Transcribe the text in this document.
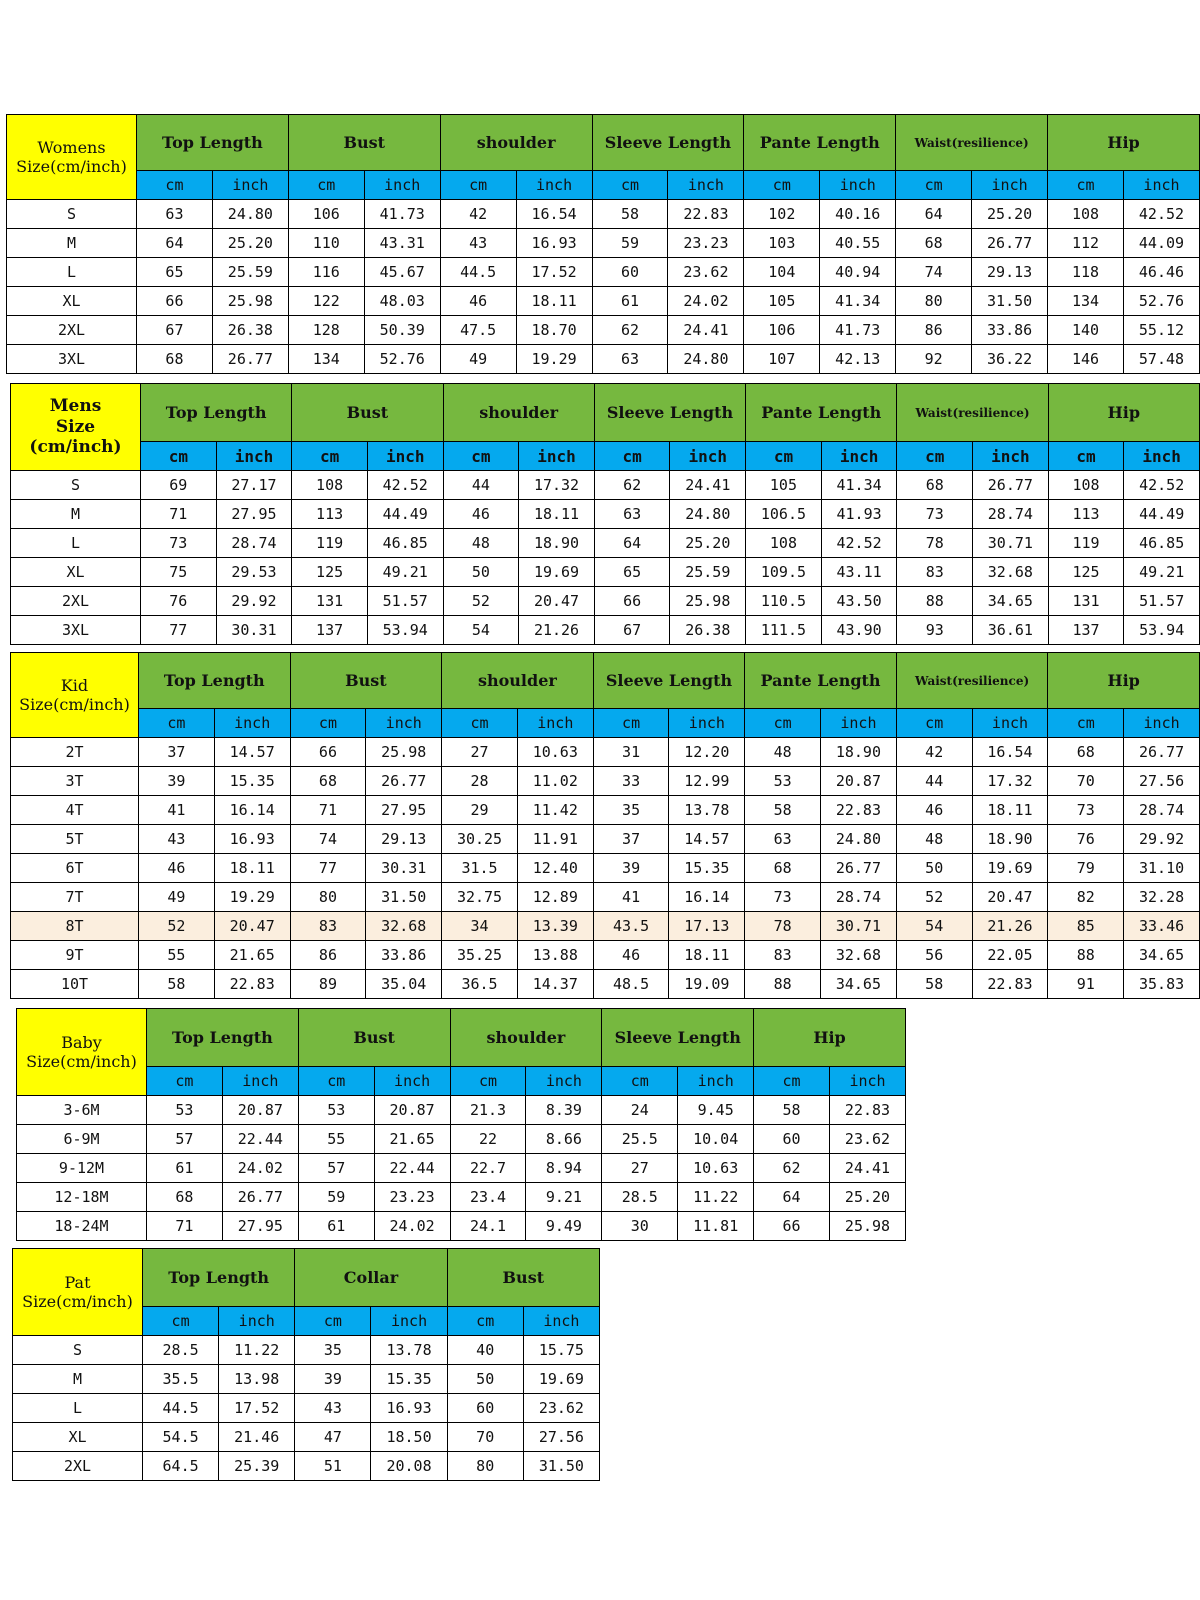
Womens
Size(cm/inch)	Top Length		Bust		shoulder		Sleeve Length		Pante Length		Waist(resilience)		Hip	
	cm	inch	cm	inch	cm	inch	cm	inch	cm	inch	cm	inch	cm	inch
S	63	24.80	106	41.73	42	16.54	58	22.83	102	40.16	64	25.20	108	42.52
M	64	25.20	110	43.31	43	16.93	59	23.23	103	40.55	68	26.77	112	44.09
L	65	25.59	116	45.67	44.5	17.52	60	23.62	104	40.94	74	29.13	118	46.46
XL	66	25.98	122	48.03	46	18.11	61	24.02	105	41.34	80	31.50	134	52.76
2XL	67	26.38	128	50.39	47.5	18.70	62	24.41	106	41.73	86	33.86	140	55.12
3XL	68	26.77	134	52.76	49	19.29	63	24.80	107	42.13	92	36.22	146	57.48
Mens
Size
(cm/inch)	Top Length		Bust		shoulder		Sleeve Length		Pante Length		Waist(resilience)		Hip	
	cm	inch	cm	inch	cm	inch	cm	inch	cm	inch	cm	inch	cm	inch
S	69	27.17	108	42.52	44	17.32	62	24.41	105	41.34	68	26.77	108	42.52
M	71	27.95	113	44.49	46	18.11	63	24.80	106.5	41.93	73	28.74	113	44.49
L	73	28.74	119	46.85	48	18.90	64	25.20	108	42.52	78	30.71	119	46.85
XL	75	29.53	125	49.21	50	19.69	65	25.59	109.5	43.11	83	32.68	125	49.21
2XL	76	29.92	131	51.57	52	20.47	66	25.98	110.5	43.50	88	34.65	131	51.57
3XL	77	30.31	137	53.94	54	21.26	67	26.38	111.5	43.90	93	36.61	137	53.94
Kid
Size(cm/inch)	Top Length		Bust		shoulder		Sleeve Length		Pante Length		Waist(resilience)		Hip	
	cm	inch	cm	inch	cm	inch	cm	inch	cm	inch	cm	inch	cm	inch
2T	37	14.57	66	25.98	27	10.63	31	12.20	48	18.90	42	16.54	68	26.77
3T	39	15.35	68	26.77	28	11.02	33	12.99	53	20.87	44	17.32	70	27.56
4T	41	16.14	71	27.95	29	11.42	35	13.78	58	22.83	46	18.11	73	28.74
5T	43	16.93	74	29.13	30.25	11.91	37	14.57	63	24.80	48	18.90	76	29.92
6T	46	18.11	77	30.31	31.5	12.40	39	15.35	68	26.77	50	19.69	79	31.10
7T	49	19.29	80	31.50	32.75	12.89	41	16.14	73	28.74	52	20.47	82	32.28
8T	52	20.47	83	32.68	34	13.39	43.5	17.13	78	30.71	54	21.26	85	33.46
9T	55	21.65	86	33.86	35.25	13.88	46	18.11	83	32.68	56	22.05	88	34.65
10T	58	22.83	89	35.04	36.5	14.37	48.5	19.09	88	34.65	58	22.83	91	35.83
Baby
Size(cm/inch)	Top Length		Bust		shoulder		Sleeve Length		Hip	
	cm	inch	cm	inch	cm	inch	cm	inch	cm	inch
3-6M	53	20.87	53	20.87	21.3	8.39	24	9.45	58	22.83
6-9M	57	22.44	55	21.65	22	8.66	25.5	10.04	60	23.62
9-12M	61	24.02	57	22.44	22.7	8.94	27	10.63	62	24.41
12-18M	68	26.77	59	23.23	23.4	9.21	28.5	11.22	64	25.20
18-24M	71	27.95	61	24.02	24.1	9.49	30	11.81	66	25.98
Pat
Size(cm/inch)	Top Length		Collar		Bust	
	cm	inch	cm	inch	cm	inch
S	28.5	11.22	35	13.78	40	15.75
M	35.5	13.98	39	15.35	50	19.69
L	44.5	17.52	43	16.93	60	23.62
XL	54.5	21.46	47	18.50	70	27.56
2XL	64.5	25.39	51	20.08	80	31.50
